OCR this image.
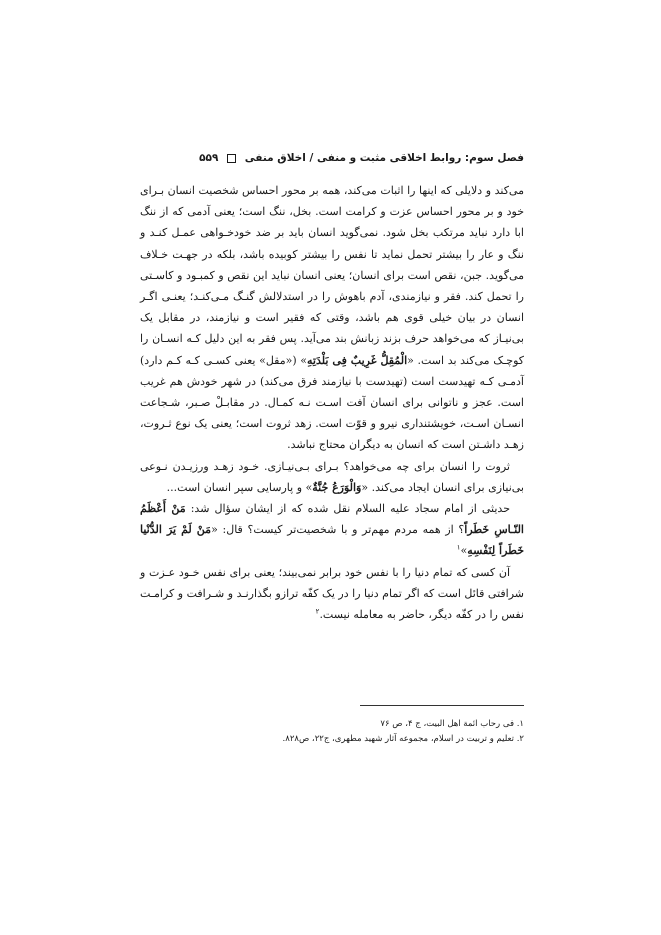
فصل سوم: روابط اخلاقی مثبت و منفی / اخلاق منفی  ۵۵۹

می‌کند و دلایلی که اینها را اثبات می‌کند، همه بر محور احساس شخصیت انسان بـرای خود و بر محور احساس عزت و کرامت است. بخل، ننگ است؛ یعنی آدمی که از ننگ ابا دارد نباید مرتکب بخل شود. نمی‌گوید انسان باید بر ضد خودخـواهی عمـل کنـد و ننگ و عار را بیشتر تحمل نماید تا نفس را بیشتر کوبیده باشد، بلکه در جهـت خـلاف می‌گوید. جبن، نقص است برای انسان؛ یعنی انسان نباید این نقص و کمبـود و کاسـتی را تحمل کند. فقر و نیازمندی، آدم باهوش را در استدلالش گنـگ مـی‌کنـد؛ یعنـی اگـر انسان در بیان خیلی قوی هم باشد، وقتی که فقیر است و نیازمند، در مقابل یک بی‌نیـاز که می‌خواهد حرف بزند زبانش بند می‌آید. پس فقر به این دلیل کـه انسـان را کوچـک می‌کند بد است. «الْمُقِلُّ غَرِیبٌ فِی بَلْدَتِهِ» («مقل» یعنی کسـی کـه کـم دارد) آدمـی کـه تهیدست است (تهیدست با نیازمند فرق می‌کند) در شهر خودش هم غریب است. عجز و ناتوانی برای انسان آفت اسـت نـه کمـال. در مقابـلْ صـبر، شـجاعت انسـان اسـت، خویشتنداری نیرو و قوّت است. زهد ثروت است؛ یعنی یک نوع ثـروت، زهـد داشـتن است که انسان به دیگران محتاج نباشد.

ثروت را انسان برای چه می‌خواهد؟ بـرای بـی‌نیـازی. خـود زهـد ورزیـدن نـوعی بی‌نیازی برای انسان ایجاد می‌کند. «وَالْوَرَعُ جُنَّةٌ» و پارسایی سپر انسان است...

حدیثی از امام سجاد علیه السلام نقل شده که از ایشان سؤال شد: مَنْ أَعْظَمُ النّـاسِ خَطَراً؟ از همه مردم مهم‌تر و با شخصیت‌تر کیست؟ قال: «مَنْ لَمْ یَرَ الدُّنْیا خَطَراً لِنَفْسِهِ»$^۱$

آن کسی که تمام دنیا را با نفس خود برابر نمی‌بیند؛ یعنی برای نفس خـود عـزت و شرافتی قائل است که اگر تمام دنیا را در یک کفّه ترازو بگذارنـد و شـرافت و کرامـت نفس را در کفّه دیگر، حاضر به معامله نیست.$^۲$

۱. فی رحاب ائمة اهل البیت، ج ۴، ص ۷۶
۲. تعلیم و تربیت در اسلام، مجموعه آثار شهید مطهری، ج۲۲، ص۸۲۸.
